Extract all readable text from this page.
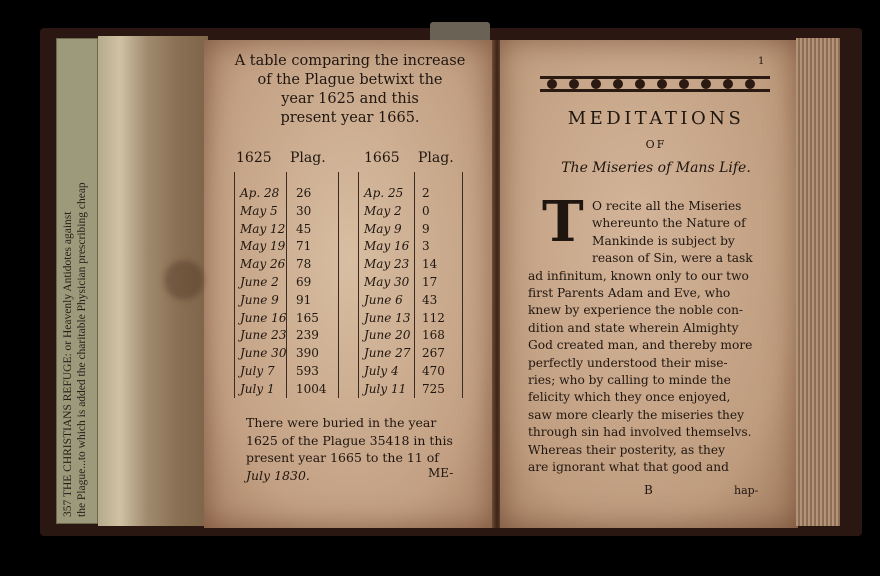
357 THE CHRISTIANS REFUGE: or Heavenly Antidotes against the Plague...to which is added the charitable Physician prescribing cheap
A table comparing the increase
of the Plague betwixt the
year 1625 and this
present year 1665.
1625 Plag.	1665 Plag.
Ap. 28 26	Ap. 25 2
May 5 30	May 2 0
May 12 45	May 9 9
May 19 71	May 16 3
May 26 78	May 23 14
June 2 69	May 30 17
June 9 91	June 6 43
June 16 165	June 13 112
June 23 239	June 20 168
June 30 390	June 27 267
July 7 593	July 4 470
July 1 1004	July 11 725
There were buried in the year
1625 of the Plague 35418 in this
present year 1665 to the 11 of
July 1830.	ME-
1
MEDITATIONS
OF
The Miseries of Mans Life.
T O recite all the Miseries
whereunto the Nature of
Mankinde is subject by
reason of Sin, were a task
ad infinitum, known only to our two
first Parents Adam and Eve, who
knew by experience the noble con-
dition and state wherein Almighty
God created man, and thereby more
perfectly understood their mise-
ries; who by calling to minde the
felicity which they once enjoyed,
saw more clearly the miseries they
through sin had involved themselvs.
Whereas their posterity, as they
are ignorant what that good and
B	hap-
